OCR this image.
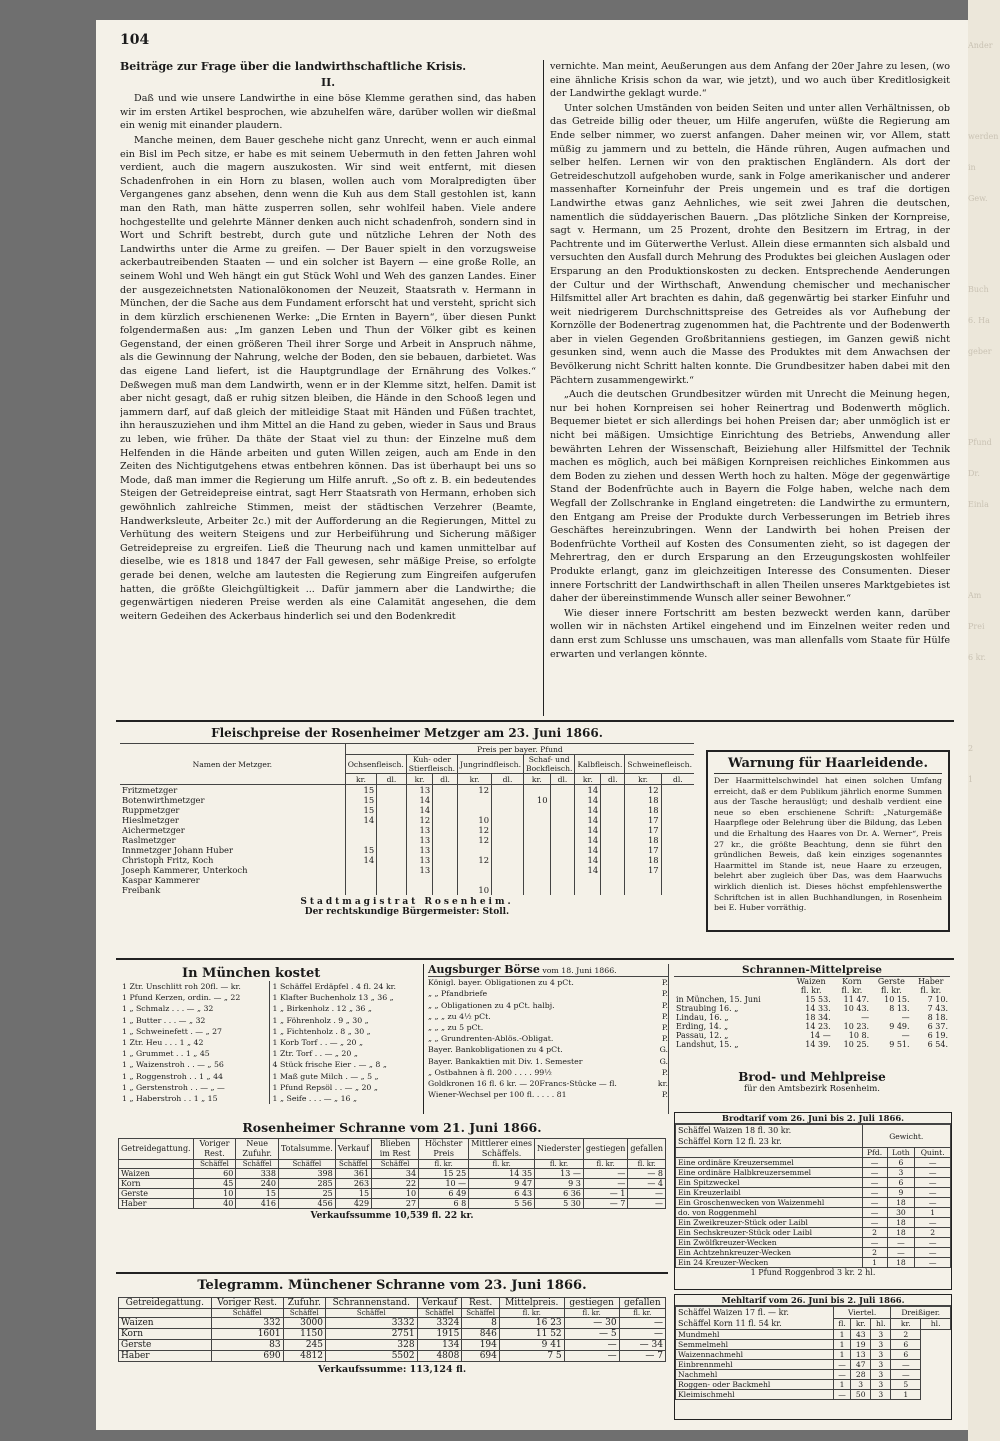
104
Beiträge zur Frage über die landwirthschaftliche Krisis.
II.

Daß und wie unsere Landwirthe in eine böse Klemme gerathen sind, das haben wir im ersten Artikel besprochen, wie abzuhelfen wäre, darüber wollen wir dießmal ein wenig mit einander plaudern.

Manche meinen, dem Bauer geschehe nicht ganz Unrecht, wenn er auch einmal ein Bisl im Pech sitze, er habe es mit seinem Uebermuth in den fetten Jahren wohl verdient, auch die magern auszukosten. Wir sind weit entfernt, mit diesen Schadenfrohen in ein Horn zu blasen, wollen auch vom Moralpredigten über Vergangenes ganz absehen, denn wenn die Kuh aus dem Stall gestohlen ist, kann man den Rath, man hätte zusperren sollen, sehr wohlfeil haben. Viele andere hochgestellte und gelehrte Männer denken auch nicht schadenfroh, sondern sind in Wort und Schrift bestrebt, durch gute und nützliche Lehren der Noth des Landwirths unter die Arme zu greifen. — Der Bauer spielt in den vorzugsweise ackerbautreibenden Staaten — und ein solcher ist Bayern — eine große Rolle, an seinem Wohl und Weh hängt ein gut Stück Wohl und Weh des ganzen Landes. Einer der ausgezeichnetsten Nationalökonomen der Neuzeit, Staatsrath v. Hermann in München, der die Sache aus dem Fundament erforscht hat und versteht, spricht sich in dem kürzlich erschienenen Werke: „Die Ernten in Bayern“, über diesen Punkt folgendermaßen aus: „Im ganzen Leben und Thun der Völker gibt es keinen Gegenstand, der einen größeren Theil ihrer Sorge und Arbeit in Anspruch nähme, als die Gewinnung der Nahrung, welche der Boden, den sie bebauen, darbietet. Was das eigene Land liefert, ist die Hauptgrundlage der Ernährung des Volkes.“ Deßwegen muß man dem Landwirth, wenn er in der Klemme sitzt, helfen. Damit ist aber nicht gesagt, daß er ruhig sitzen bleiben, die Hände in den Schooß legen und jammern darf, auf daß gleich der mitleidige Staat mit Händen und Füßen trachtet, ihn herauszuziehen und ihm Mittel an die Hand zu geben, wieder in Saus und Braus zu leben, wie früher. Da thäte der Staat viel zu thun: der Einzelne muß dem Helfenden in die Hände arbeiten und guten Willen zeigen, auch am Ende in den Zeiten des Nichtigutgehens etwas entbehren können. Das ist überhaupt bei uns so Mode, daß man immer die Regierung um Hilfe anruft. „So oft z. B. ein bedeutendes Steigen der Getreidepreise eintrat, sagt Herr Staatsrath von Hermann, erhoben sich gewöhnlich zahlreiche Stimmen, meist der städtischen Verzehrer (Beamte, Handwerksleute, Arbeiter 2c.) mit der Aufforderung an die Regierungen, Mittel zu Verhütung des weitern Steigens und zur Herbeiführung und Sicherung mäßiger Getreidepreise zu ergreifen. Ließ die Theurung nach und kamen unmittelbar auf dieselbe, wie es 1818 und 1847 der Fall gewesen, sehr mäßige Preise, so erfolgte gerade bei denen, welche am lautesten die Regierung zum Eingreifen aufgerufen hatten, die größte Gleichgültigkeit ... Dafür jammern aber die Landwirthe; die gegenwärtigen niederen Preise werden als eine Calamität angesehen, die dem weitern Gedeihen des Ackerbaus hinderlich sei und den Bodenkredit

vernichte. Man meint, Aeußerungen aus dem Anfang der 20er Jahre zu lesen, (wo eine ähnliche Krisis schon da war, wie jetzt), und wo auch über Kreditlosigkeit der Landwirthe geklagt wurde.“

Unter solchen Umständen von beiden Seiten und unter allen Verhältnissen, ob das Getreide billig oder theuer, um Hilfe angerufen, wüßte die Regierung am Ende selber nimmer, wo zuerst anfangen. Daher meinen wir, vor Allem, statt müßig zu jammern und zu betteln, die Hände rühren, Augen aufmachen und selber helfen. Lernen wir von den praktischen Engländern. Als dort der Getreideschutzoll aufgehoben wurde, sank in Folge amerikanischer und anderer massenhafter Korneinfuhr der Preis ungemein und es traf die dortigen Landwirthe etwas ganz Aehnliches, wie seit zwei Jahren die deutschen, namentlich die süddayerischen Bauern. „Das plötzliche Sinken der Kornpreise, sagt v. Hermann, um 25 Prozent, drohte den Besitzern im Ertrag, in der Pachtrente und im Güterwerthe Verlust. Allein diese ermannten sich alsbald und versuchten den Ausfall durch Mehrung des Produktes bei gleichen Auslagen oder Ersparung an den Produktionskosten zu decken. Entsprechende Aenderungen der Cultur und der Wirthschaft, Anwendung chemischer und mechanischer Hilfsmittel aller Art brachten es dahin, daß gegenwärtig bei starker Einfuhr und weit niedrigerem Durchschnittspreise des Getreides als vor Aufhebung der Kornzölle der Bodenertrag zugenommen hat, die Pachtrente und der Bodenwerth aber in vielen Gegenden Großbritanniens gestiegen, im Ganzen gewiß nicht gesunken sind, wenn auch die Masse des Produktes mit dem Anwachsen der Bevölkerung nicht Schritt halten konnte. Die Grundbesitzer haben dabei mit den Pächtern zusammengewirkt.“

„Auch die deutschen Grundbesitzer würden mit Unrecht die Meinung hegen, nur bei hohen Kornpreisen sei hoher Reinertrag und Bodenwerth möglich. Bequemer bietet er sich allerdings bei hohen Preisen dar; aber unmöglich ist er nicht bei mäßigen. Umsichtige Einrichtung des Betriebs, Anwendung aller bewährten Lehren der Wissenschaft, Beiziehung aller Hilfsmittel der Technik machen es möglich, auch bei mäßigen Kornpreisen reichliches Einkommen aus dem Boden zu ziehen und dessen Werth hoch zu halten. Möge der gegenwärtige Stand der Bodenfrüchte auch in Bayern die Folge haben, welche nach dem Wegfall der Zollschranke in England eingetreten: die Landwirthe zu ermuntern, den Entgang am Preise der Produkte durch Verbesserungen im Betrieb ihres Geschäftes hereinzubringen. Wenn der Landwirth bei hohen Preisen der Bodenfrüchte Vortheil auf Kosten des Consumenten zieht, so ist dagegen der Mehrertrag, den er durch Ersparung an den Erzeugungskosten wohlfeiler Produkte erlangt, ganz im gleichzeitigen Interesse des Consumenten. Dieser innere Fortschritt der Landwirthschaft in allen Theilen unseres Marktgebietes ist daher der übereinstimmende Wunsch aller seiner Bewohner.“

Wie dieser innere Fortschritt am besten bezweckt werden kann, darüber wollen wir in nächsten Artikel eingehend und im Einzelnen weiter reden und dann erst zum Schlusse uns umschauen, was man allenfalls vom Staate für Hülfe erwarten und verlangen könnte.

Fleischpreise der Rosenheimer Metzger am 23. Juni 1866.
Namen der Metzger.	Preis per bayer. Pfund											
	Ochsenfleisch.		Kuh- oder Stierfleisch.		Jungrindfleisch.		Schaf- und Bockfleisch.		Kalbfleisch.		Schweinefleisch.	
	kr.	dl.	kr.	dl.	kr.	dl.	kr.	dl.	kr.	dl.	kr.	dl.
Fritzmetzger	15		13		12				14		12	
Botenwirthmetzger	15		14				10		14		18	
Ruppmetzger	15		14						14		18	
Hieslmetzger	14		12		10				14		17	
Aichermetzger			13		12				14		17	
Raslmetzger			13		12				14		18	
Innmetzger Johann Huber	15		13						14		17	
Christoph Fritz, Koch	14		13		12				14		18	
Joseph Kammerer, Unterkoch			13						14		17	
Kaspar Kammerer												
Freibank					10							
Stadtmagistrat Rosenheim.
Der rechtskundige Bürgermeister: Stoll.
Warnung für Haarleidende.
Der Haarmittelschwindel hat einen solchen Umfang erreicht, daß er dem Publikum jährlich enorme Summen aus der Tasche herauslügt; und deshalb verdient eine neue so eben erschienene Schrift: „Naturgemäße Haarpflege oder Belehrung über die Bildung, das Leben und die Erhaltung des Haares von Dr. A. Werner“, Preis 27 kr., die größte Beachtung, denn sie führt den gründlichen Beweis, daß kein einziges sogenanntes Haarmittel im Stande ist, neue Haare zu erzeugen, belehrt aber zugleich über Das, was dem Haarwuchs wirklich dienlich ist. Dieses höchst empfehlenswerthe Schriftchen ist in allen Buchhandlungen, in Rosenheim bei E. Huber vorräthig.
In München kostet
1 Ztr. Unschlitt roh 20fl. — kr.
1 Pfund Kerzen, ordin. — „ 22
1 „ Schmalz . . . — „ 32
1 „ Butter . . . — „ 32
1 „ Schweinefett . — „ 27
1 Ztr. Heu . . . 1 „ 42
1 „ Grummet . . 1 „ 45
1 „ Waizenstroh . . — „ 56
1 „ Roggenstroh . . 1 „ 44
1 „ Gerstenstroh . . — „ —
1 „ Haberstroh . . 1 „ 15
1 Schäffel Erdäpfel . 4 fl. 24 kr.
1 Klafter Buchenholz 13 „ 36 „
1 „ Birkenholz . 12 „ 36 „
1 „ Föhrenholz . 9 „ 30 „
1 „ Fichtenholz . 8 „ 30 „
1 Korb Torf . . — „ 20 „
1 Ztr. Torf . . — „ 20 „
4 Stück frische Eier . — „ 8 „
1 Maß gute Milch . — „ 5 „
1 Pfund Repsöl . . — „ 20 „
1 „ Seife . . . — „ 16 „
Augsburger Börse vom 18. Juni 1866.
Königl. bayer. Obligationen zu 4 pCt.	P.
„ „ Pfandbriefe	P.
„ „ Obligationen zu 4 pCt. halbj.	P.
„ „ „ zu 4½ pCt.	P.
„ „ „ zu 5 pCt.	P.
„ „ Grundrenten-Ablös.-Obligat.	P.
Bayer. Bankobligationen zu 4 pCt.	G.
Bayer. Bankaktien mit Div. 1. Semester	G.
„ Ostbahnen à fl. 200 . . . . 99½	P.
Goldkronen 16 fl. 6 kr. — 20Francs-Stücke — fl.	kr.
Wiener-Wechsel per 100 fl. . . . . 81	P.
Schrannen-Mittelpreise
	Waizen	Korn	Gerste	Haber
	fl. kr.	fl. kr.	fl. kr.	fl. kr.
in München, 15. Juni	15 53.	11 47.	10 15.	7 10.
Straubing 16. „	14 33.	10 43.	8 13.	7 43.
Lindau, 16. „	18 34.	—	—	8 18.
Erding, 14. „	14 23.	10 23.	9 49.	6 37.
Passau, 12. „	14 —	10 8.	—	6 19.
Landshut, 15. „	14 39.	10 25.	9 51.	6 54.
Brod- und Mehlpreise
für den Amtsbezirk Rosenheim.
Brodtarif vom 26. Juni bis 2. Juli 1866.
Schäffel Waizen 18 fl. 30 kr.
Schäffel Korn 12 fl. 23 kr.	Gewicht.		
	Pfd.	Loth	Quint.
Eine ordinäre Kreuzersemmel	—	6	—
Eine ordinäre Halbkreuzersemmel	—	3	—
Ein Spitzweckel	—	6	—
Ein Kreuzerlaibl	—	9	—
Ein Groschenwecken von Waizenmehl	—	18	—
do. von Roggenmehl	—	30	1
Ein Zweikreuzer-Stück oder Laibl	—	18	—
Ein Sechskreuzer-Stück oder Laibl	2	18	2
Ein Zwölfkreuzer-Wecken	—	—	—
Ein Achtzehnkreuzer-Wecken	2	—	—
Ein 24 Kreuzer-Wecken	1	18	—
1 Pfund Roggenbrod 3 kr. 2 hl.
Mehltarif vom 26. Juni bis 2. Juli 1866.
Schäffel Waizen 17 fl. — kr.
Schäffel Korn 11 fl. 54 kr.	Viertel.			Dreißiger.	
	fl.	kr.	hl.	kr.	hl.
Mundmehl	1	43	3	2	
Semmelmehl	1	19	3	6	
Waizennachmehl	1	13	3	6	
Einbrennmehl	—	47	3	—	
Nachmehl	—	28	3	—	
Roggen- oder Backmehl	1	3	3	5	
Kleimischmehl	—	50	3	1	
Rosenheimer Schranne vom 21. Juni 1866.
Getreidegattung.	Voriger Rest.	Neue Zufuhr.	Totalsumme.	Verkauf	Blieben im Rest	Höchster Preis	Mittlerer eines Schäffels.	Niederster	gestiegen	gefallen
	Schäffel	Schäffel	Schäffel	Schäffel	Schäffel	fl. kr.	fl. kr.	fl. kr.	fl. kr.	fl. kr.
Waizen	60	338	398	361	34	15 25	14 35	13 —	—	— 8
Korn	45	240	285	263	22	10 —	9 47	9 3	—	— 4
Gerste	10	15	25	15	10	6 49	6 43	6 36	— 1	—
Haber	40	416	456	429	27	6 8	5 56	5 30	— 7	—
Verkaufssumme 10,539 fl. 22 kr.
Telegramm. Münchener Schranne vom 23. Juni 1866.
Getreidegattung.	Voriger Rest.	Zufuhr.	Schrannenstand.	Verkauf	Rest.	Mittelpreis.	gestiegen	gefallen
	Schäffel	Schäffel	Schäffel	Schäffel	Schäffel	fl. kr.	fl. kr.	fl. kr.
Waizen	332	3000	3332	3324	8	16 23	— 30	—
Korn	1601	1150	2751	1915	846	11 52	— 5	—
Gerste	83	245	328	134	194	9 41	—	— 34
Haber	690	4812	5502	4808	694	7 5	—	— 7
Verkaufssumme: 113,124 fl.
Ander
werden
in
Gew.
Buch
6. Ha
geber
Pfund
Dr.
Einla
Am
Prei
6 kr.
2
1
